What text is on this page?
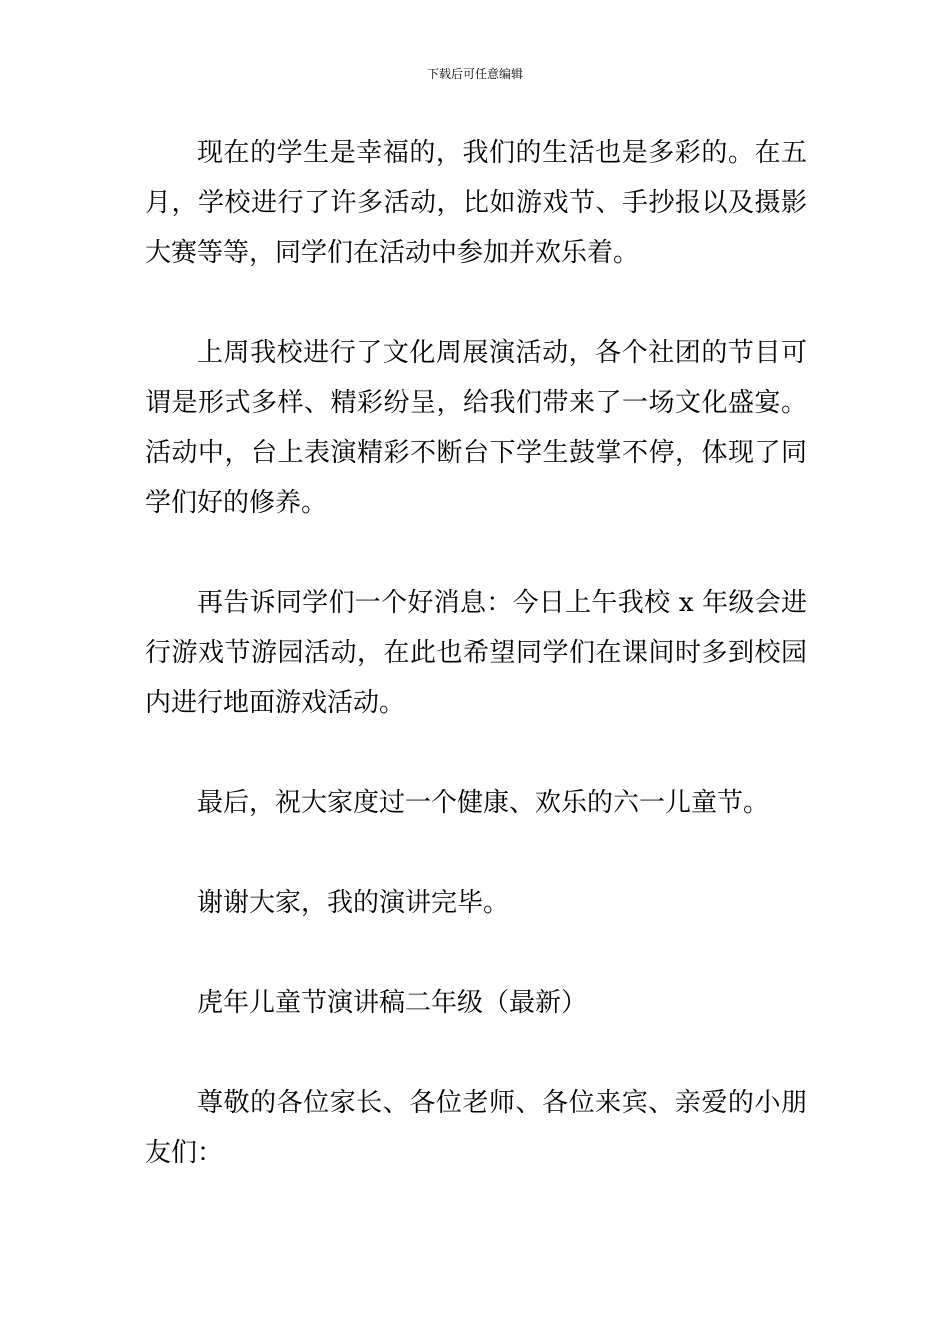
下载后可任意编辑

现在的学生是幸福的，我们的生活也是多彩的。在五月，学校进行了许多活动，比如游戏节、手抄报以及摄影大赛等等，同学们在活动中参加并欢乐着。

上周我校进行了文化周展演活动，各个社团的节目可谓是形式多样、精彩纷呈，给我们带来了一场文化盛宴。活动中，台上表演精彩不断台下学生鼓掌不停，体现了同学们好的修养。

再告诉同学们一个好消息：今日上午我校 x 年级会进行游戏节游园活动，在此也希望同学们在课间时多到校园内进行地面游戏活动。

最后，祝大家度过一个健康、欢乐的六一儿童节。

谢谢大家，我的演讲完毕。

虎年儿童节演讲稿二年级（最新）

尊敬的各位家长、各位老师、各位来宾、亲爱的小朋友们：
